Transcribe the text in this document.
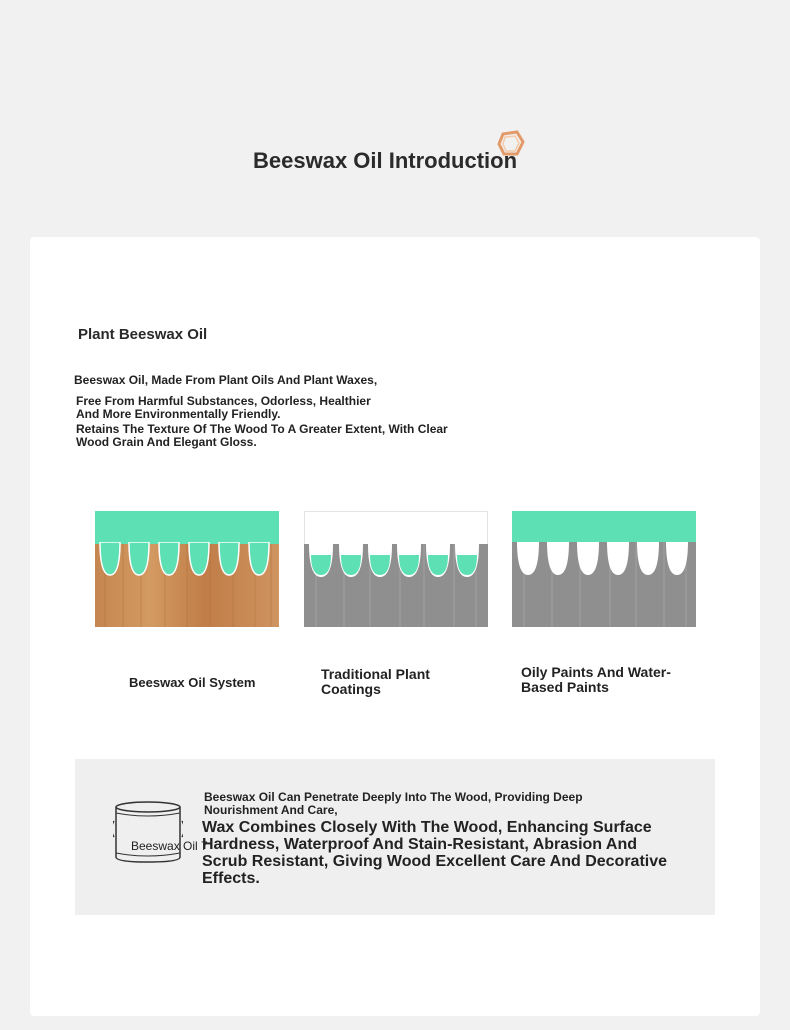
Beeswax Oil Introduction
Plant Beeswax Oil
Beeswax Oil, Made From Plant Oils And Plant Waxes,
Free From Harmful Substances, Odorless, Healthier And More Environmentally Friendly.
Retains The Texture Of The Wood To A Greater Extent, With Clear Wood Grain And Elegant Gloss.
Beeswax Oil System
Traditional Plant Coatings
Oily Paints And Water-Based Paints
Beeswax Oil 7
Beeswax Oil Can Penetrate Deeply Into The Wood, Providing Deep Nourishment And Care,
Wax Combines Closely With The Wood, Enhancing Surface Hardness, Waterproof And Stain-Resistant, Abrasion And Scrub Resistant, Giving Wood Excellent Care And Decorative Effects.
